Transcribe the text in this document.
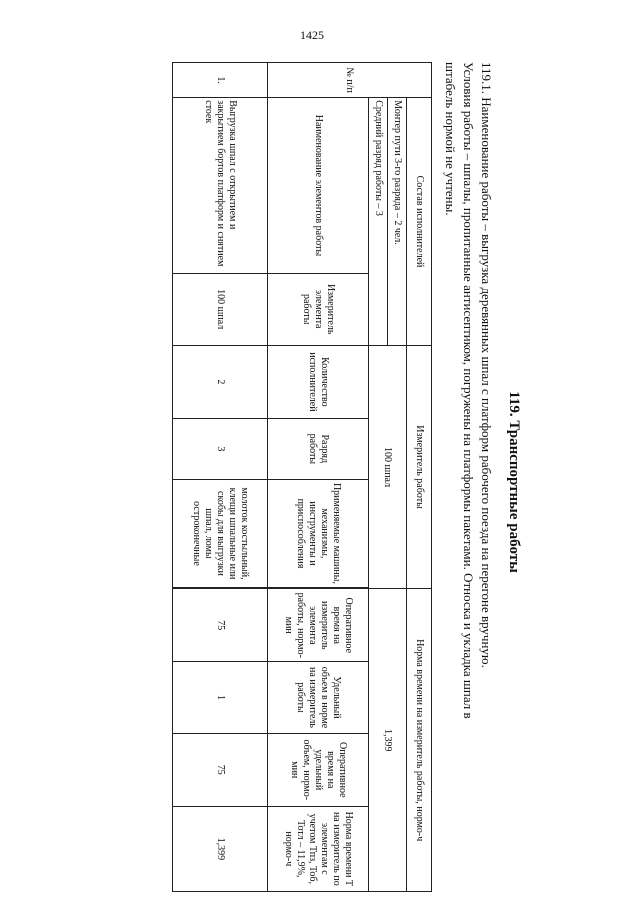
1425
119. Транспортные работы
119.1. Наименование работы – выгрузка деревянных шпал с платформ рабочего поезда на перегоне вручную.
Условия работы – шпалы, пропитанные антисептиком, погружены на платформы пакетами. Относка и укладка шпал в
штабель нормой не учтены.
№ п/п	Состав исполнителей		Измеритель работы			Норма времени на измеритель работы, нормо-ч			
	Монтер пути 3-го разряда – 2 чел.		100 шпал			1,399			
	Средний разряд работы – 3								
	Наименование элементов работы	Измеритель элемента работы	Количество исполнителей	Разряд работы	Применяемые машины, механизмы, инструменты и приспособления		Оперативное время на измеритель элемента работы, нормо-мин	Удельный объем в норме на измеритель работы	Оперативное время на удельный объем, нормо-мин	Норма времени Т на измеритель по элементам с учетом Тпз, Тоб, Тотл – 11,9%, нормо-ч
1.	Выгрузка шпал с открытием и закрытием бортов платформ и снятием стоек	100 шпал	2	3	молоток костыльный, клещи шпальные или скобы для выгрузки шпал, ломы остроконечные		75	1	75	1,399
